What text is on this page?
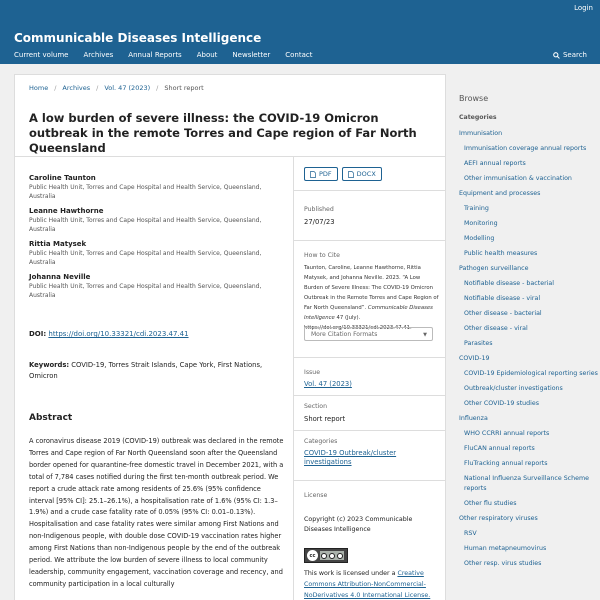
Login
Communicable Diseases Intelligence
Current volume Archives Annual Reports About Newsletter Contact	Search
Home / Archives / Vol. 47 (2023) / Short report
A low burden of severe illness: the COVID-19 Omicron outbreak in the remote Torres and Cape region of Far North Queensland
Caroline Taunton
Public Health Unit, Torres and Cape Hospital and Health Service, Queensland, Australia
Leanne Hawthorne
Public Health Unit, Torres and Cape Hospital and Health Service, Queensland, Australia
Rittia Matysek
Public Health Unit, Torres and Cape Hospital and Health Service, Queensland, Australia
Johanna Neville
Public Health Unit, Torres and Cape Hospital and Health Service, Queensland, Australia
DOI: https://doi.org/10.33321/cdi.2023.47.41
Keywords: COVID-19, Torres Strait Islands, Cape York, First Nations, Omicron
Abstract

A coronavirus disease 2019 (COVID-19) outbreak was declared in the remote Torres and Cape region of Far North Queensland soon after the Queensland border opened for quarantine-free domestic travel in December 2021, with a total of 7,784 cases notified during the first ten-month outbreak period. We report a crude attack rate among residents of 25.6% (95% confidence interval [95% CI]: 25.1–26.1%), a hospitalisation rate of 1.6% (95% CI: 1.3–1.9%) and a crude case fatality rate of 0.05% (95% CI: 0.01–0.13%). Hospitalisation and case fatality rates were similar among First Nations and non-Indigenous people, with double dose COVID-19 vaccination rates higher among First Nations than non-Indigenous people by the end of the outbreak period. We attribute the low burden of severe illness to local community leadership, community engagement, vaccination coverage and recency, and community participation in a local culturally

PDF	DOCX
Published
27/07/23
How to Cite
Taunton, Caroline, Leanne Hawthorne, Rittia Matysek, and Johanna Neville. 2023. “A Low Burden of Severe Illness: The COVID-19 Omicron Outbreak in the Remote Torres and Cape Region of Far North Queensland”. Communicable Diseases Intelligence 47 (July). https://doi.org/10.33321/cdi.2023.47.41.
More Citation Formats	▼
Issue
Vol. 47 (2023)
Section
Short report
Categories
COVID-19 Outbreak/cluster investigations
License
Copyright (c) 2023 Communicable Diseases Intelligence
cc
This work is licensed under a Creative Commons Attribution-NonCommercial-NoDerivatives 4.0 International License.
Browse
Categories
Immunisation
Immunisation coverage annual reports
AEFI annual reports
Other immunisation & vaccination
Equipment and processes
Training
Monitoring
Modelling
Public health measures
Pathogen surveillance
Notifiable disease - bacterial
Notifiable disease - viral
Other disease - bacterial
Other disease - viral
Parasites
COVID-19
COVID-19 Epidemiological reporting series
Outbreak/cluster investigations
Other COVID-19 studies
Influenza
WHO CCRRI annual reports
FluCAN annual reports
FluTracking annual reports
National Influenza Surveillance Scheme reports
Other flu studies
Other respiratory viruses
RSV
Human metapneumovirus
Other resp. virus studies
